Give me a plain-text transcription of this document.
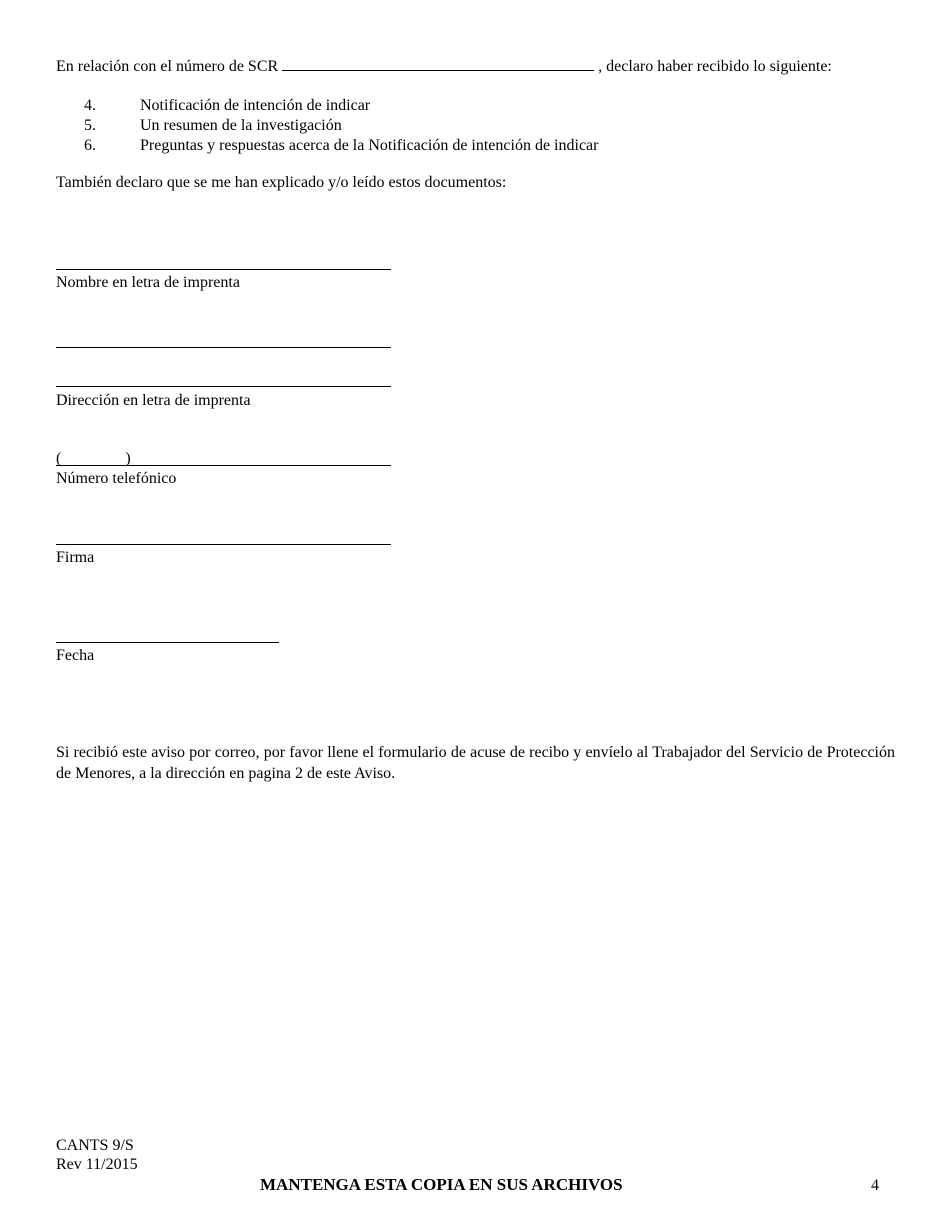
En relación con el número de SCR	, declaro haber recibido lo siguiente:
4.	Notificación de intención de indicar
5.	Un resumen de la investigación
6.	Preguntas y respuestas acerca de la Notificación de intención de indicar
También declaro que se me han explicado y/o leído estos documentos:
Nombre en letra de imprenta
Dirección en letra de imprenta
(	)
Número telefónico
Firma
Fecha
Si recibió este aviso por correo, por favor llene el formulario de acuse de recibo y envíelo al Trabajador del Servicio de Protección de Menores, a la dirección en pagina 2 de este Aviso.
CANTS 9/S
Rev 11/2015
MANTENGA ESTA COPIA EN SUS ARCHIVOS	4
